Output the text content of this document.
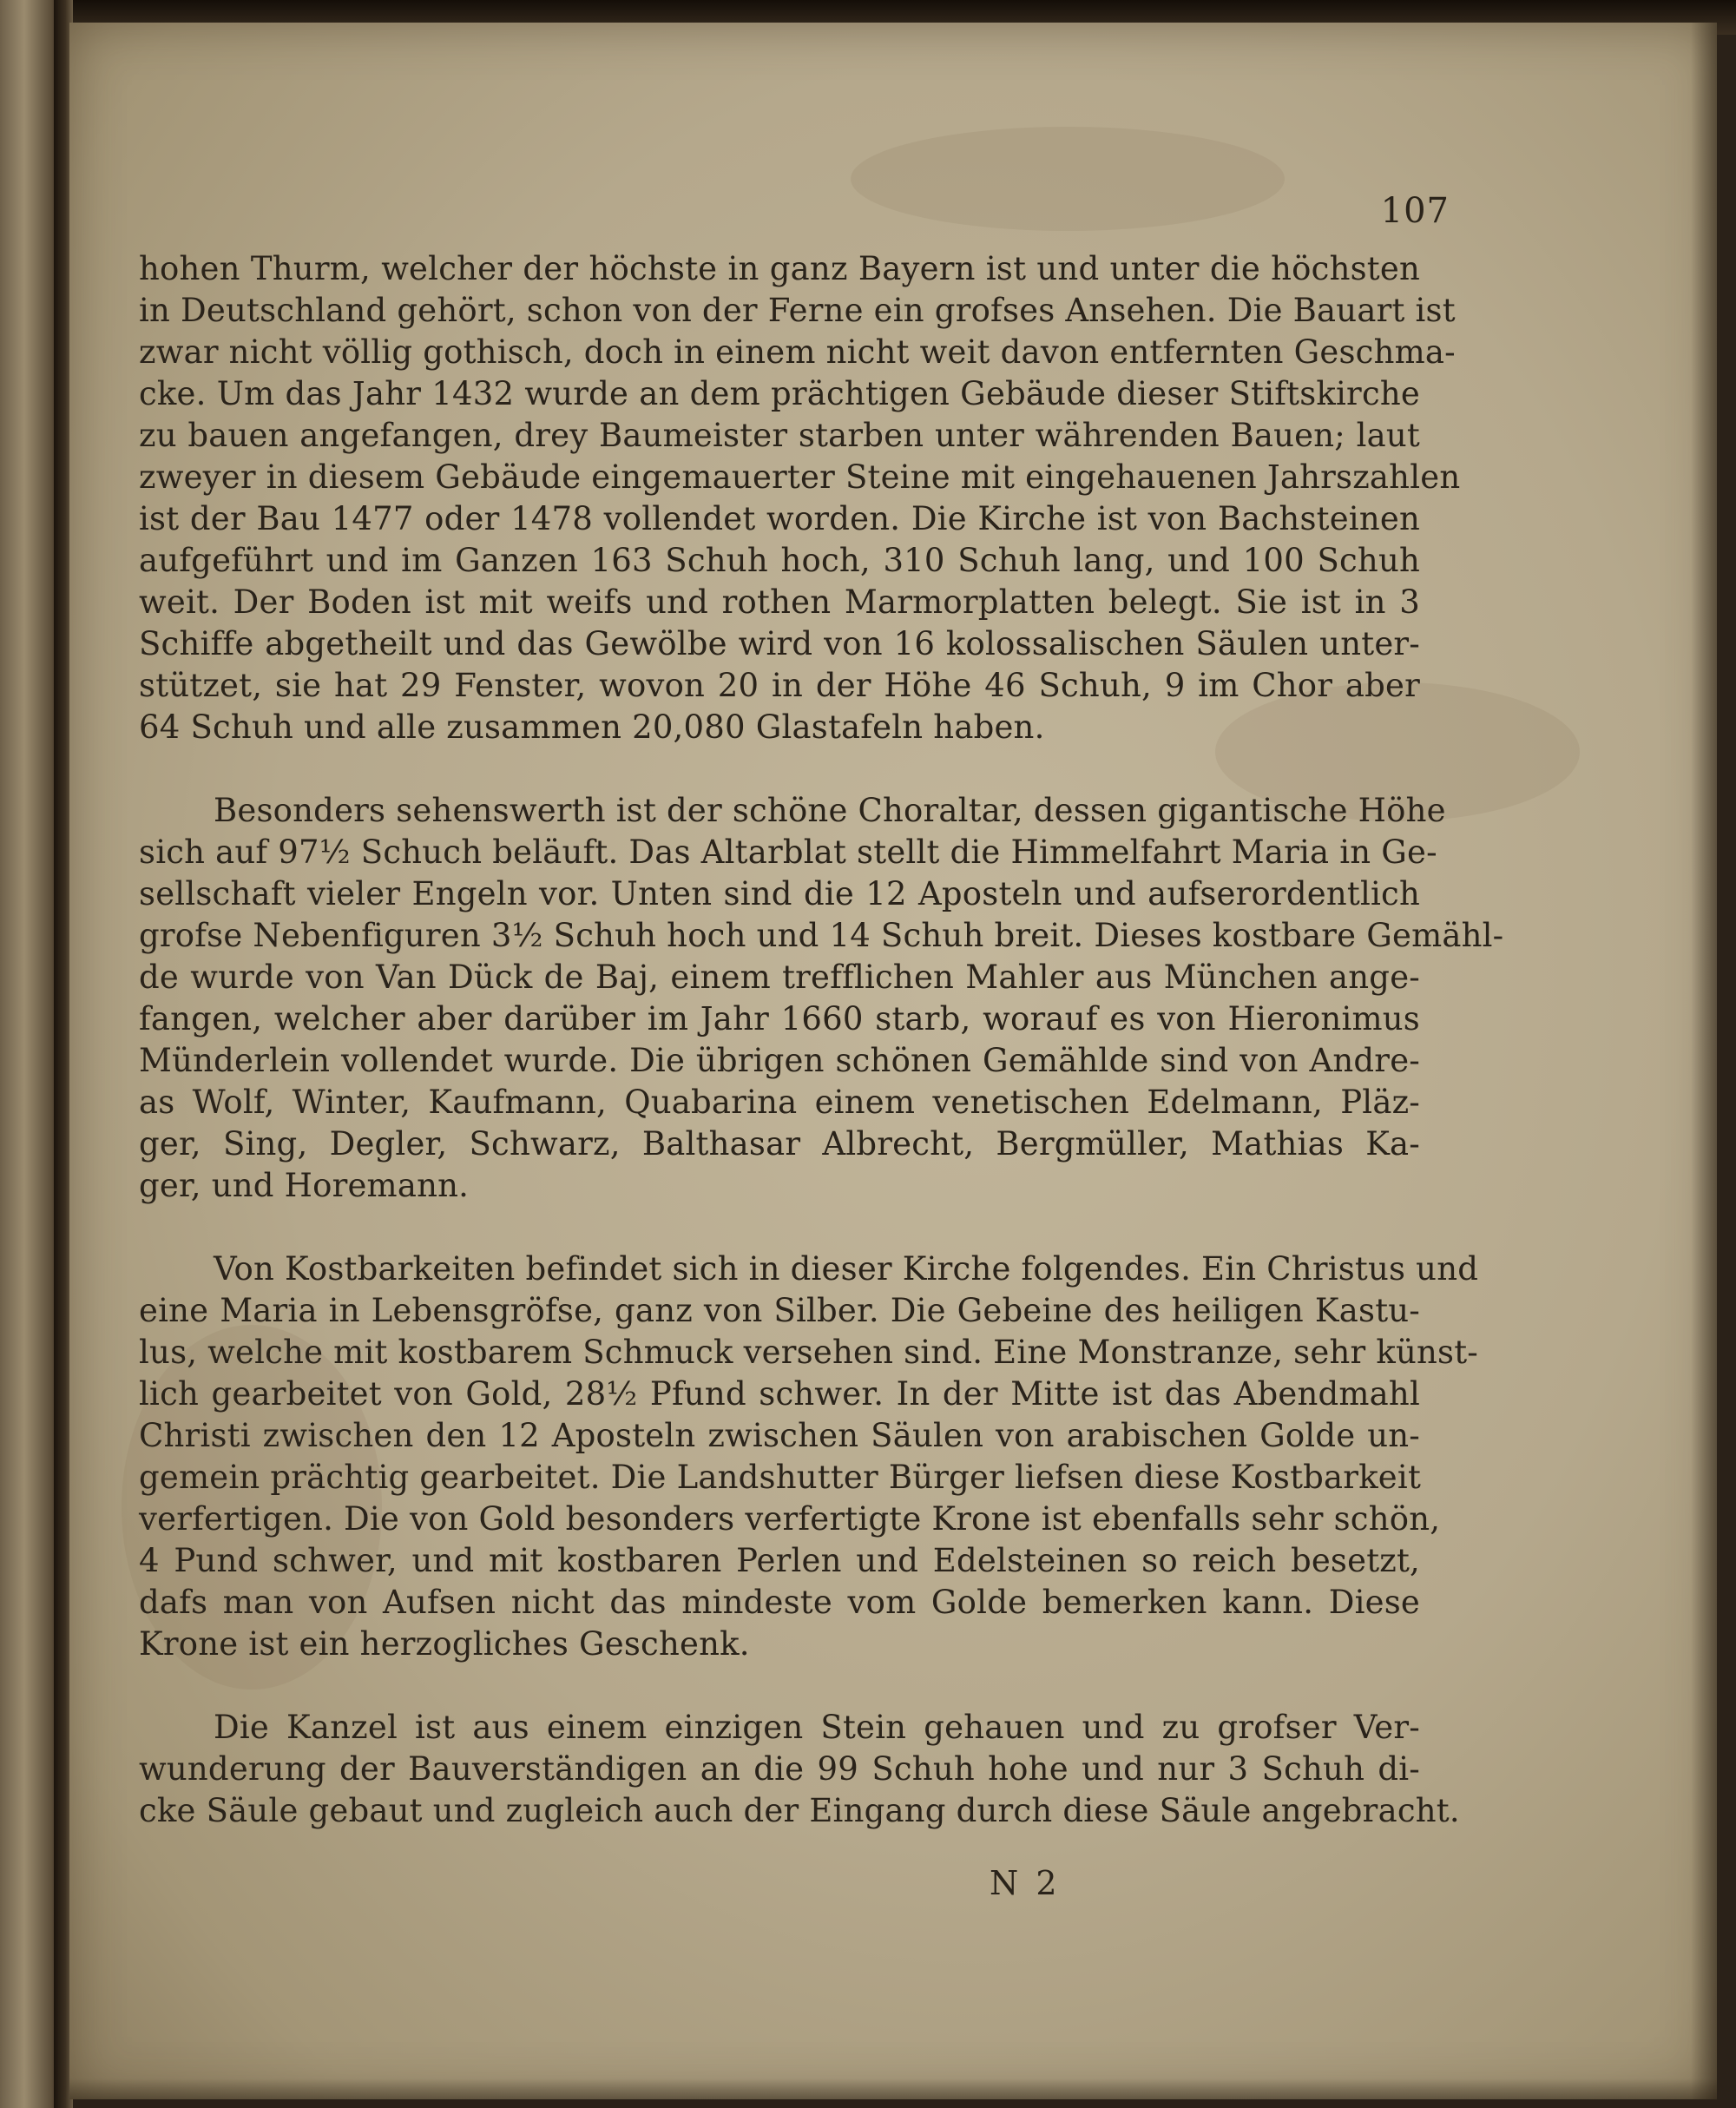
107
hohen Thurm, welcher der höchste in ganz Bayern ist und unter die höchsten
in Deutschland gehört, schon von der Ferne ein grofses Ansehen. Die Bauart ist
zwar nicht völlig gothisch, doch in einem nicht weit davon entfernten Geschma-
cke. Um das Jahr 1432 wurde an dem prächtigen Gebäude dieser Stiftskirche
zu bauen angefangen, drey Baumeister starben unter währenden Bauen; laut
zweyer in diesem Gebäude eingemauerter Steine mit eingehauenen Jahrszahlen
ist der Bau 1477 oder 1478 vollendet worden. Die Kirche ist von Bachsteinen
aufgeführt und im Ganzen 163 Schuh hoch, 310 Schuh lang, und 100 Schuh
weit. Der Boden ist mit weifs und rothen Marmorplatten belegt. Sie ist in 3
Schiffe abgetheilt und das Gewölbe wird von 16 kolossalischen Säulen unter-
stützet, sie hat 29 Fenster, wovon 20 in der Höhe 46 Schuh, 9 im Chor aber
64 Schuh und alle zusammen 20,080 Glastafeln haben.
Besonders sehenswerth ist der schöne Choraltar, dessen gigantische Höhe
sich auf 97½ Schuch beläuft. Das Altarblat stellt die Himmelfahrt Maria in Ge-
sellschaft vieler Engeln vor. Unten sind die 12 Aposteln und aufserordentlich
grofse Nebenfiguren 3½ Schuh hoch und 14 Schuh breit. Dieses kostbare Gemähl-
de wurde von Van Dück de Baj, einem trefflichen Mahler aus München ange-
fangen, welcher aber darüber im Jahr 1660 starb, worauf es von Hieronimus
Münderlein vollendet wurde. Die übrigen schönen Gemählde sind von Andre-
as Wolf, Winter, Kaufmann, Quabarina einem venetischen Edelmann, Pläz-
ger, Sing, Degler, Schwarz, Balthasar Albrecht, Bergmüller, Mathias Ka-
ger, und Horemann.
Von Kostbarkeiten befindet sich in dieser Kirche folgendes. Ein Christus und
eine Maria in Lebensgröfse, ganz von Silber. Die Gebeine des heiligen Kastu-
lus, welche mit kostbarem Schmuck versehen sind. Eine Monstranze, sehr künst-
lich gearbeitet von Gold, 28½ Pfund schwer. In der Mitte ist das Abendmahl
Christi zwischen den 12 Aposteln zwischen Säulen von arabischen Golde un-
gemein prächtig gearbeitet. Die Landshutter Bürger liefsen diese Kostbarkeit
verfertigen. Die von Gold besonders verfertigte Krone ist ebenfalls sehr schön,
4 Pund schwer, und mit kostbaren Perlen und Edelsteinen so reich besetzt,
dafs man von Aufsen nicht das mindeste vom Golde bemerken kann. Diese
Krone ist ein herzogliches Geschenk.
Die Kanzel ist aus einem einzigen Stein gehauen und zu grofser Ver-
wunderung der Bauverständigen an die 99 Schuh hohe und nur 3 Schuh di-
cke Säule gebaut und zugleich auch der Eingang durch diese Säule angebracht.
N 2
